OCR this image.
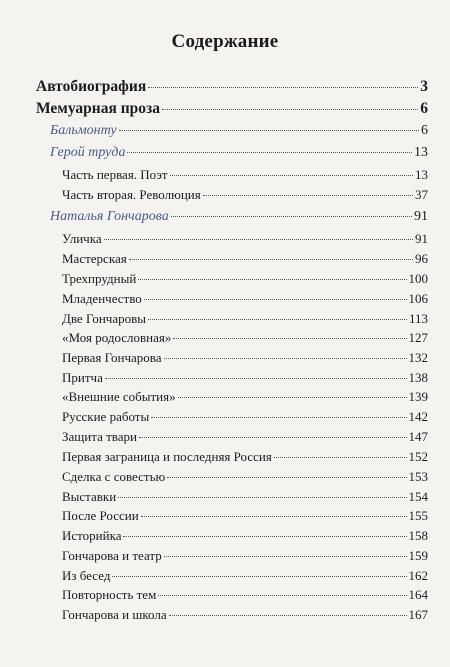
Содержание
Автобиография	3
Мемуарная проза	6
Бальмонту	6
Герой труда	13
Часть первая. Поэт	13
Часть вторая. Революция	37
Наталья Гончарова	91
Уличка	91
Мастерская	96
Трехпрудный	100
Младенчество	106
Две Гончаровы	113
«Моя родословная»	127
Первая Гончарова	132
Притча	138
«Внешние события»	139
Русские работы	142
Защита твари	147
Первая заграница и последняя Россия	152
Сделка с совестью	153
Выставки	154
После России	155
Историйка	158
Гончарова и театр	159
Из бесед	162
Повторность тем	164
Гончарова и школа	167
